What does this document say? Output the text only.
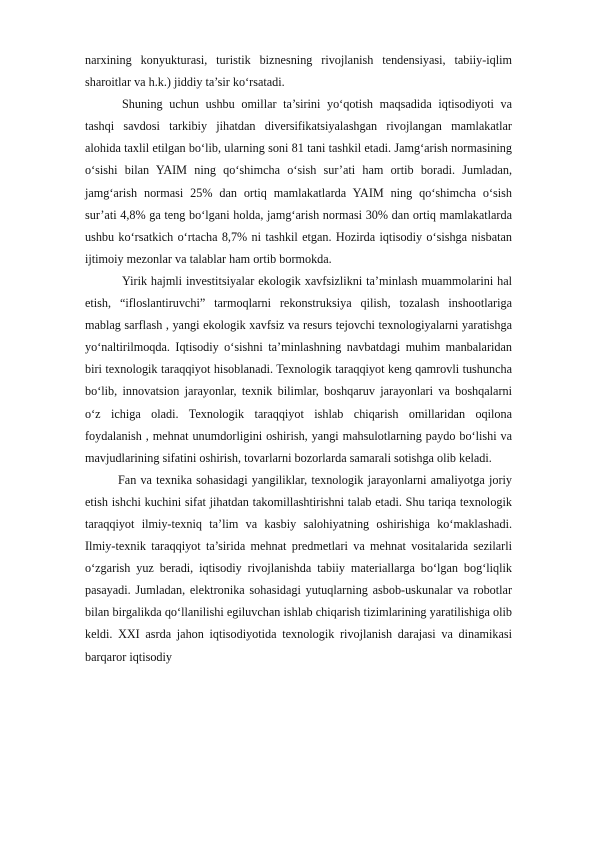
narxining konyukturasi, turistik biznesning rivojlanish tendensiyasi, tabiiy-iqlim sharoitlar va h.k.) jiddiy ta’sir ko‘rsatadi.

Shuning uchun ushbu omillar ta’sirini yo‘qotish maqsadida iqtisodiyoti va tashqi savdosi tarkibiy jihatdan diversifikatsiyalashgan rivojlangan mamlakatlar alohida taxlil etilgan bo‘lib, ularning soni 81 tani tashkil etadi. Jamg‘arish normasining o‘sishi bilan YAIM ning qo‘shimcha o‘sish sur’ati ham ortib boradi. Jumladan, jamg‘arish normasi 25% dan ortiq mamlakatlarda YAIM ning qo‘shimcha o‘sish sur’ati 4,8% ga teng bo‘lgani holda, jamg‘arish normasi 30% dan ortiq mamlakatlarda ushbu ko‘rsatkich o‘rtacha 8,7% ni tashkil etgan. Hozirda iqtisodiy o‘sishga nisbatan ijtimoiy mezonlar va talablar ham ortib bormokda.

Yirik hajmli investitsiyalar ekologik xavfsizlikni ta’minlash muammolarini hal etish, “ifloslantiruvchi” tarmoqlarni rekonstruksiya qilish, tozalash inshootlariga mablag sarflash , yangi ekologik xavfsiz va resurs tejovchi texnologiyalarni yaratishga yo‘naltirilmoqda. Iqtisodiy o‘sishni ta’minlashning navbatdagi muhim manbalaridan biri texnologik taraqqiyot hisoblanadi. Texnologik taraqqiyot keng qamrovli tushuncha bo‘lib, innovatsion jarayonlar, texnik bilimlar, boshqaruv jarayonlari va boshqalarni o‘z ichiga oladi. Texnologik taraqqiyot ishlab chiqarish omillaridan oqilona foydalanish , mehnat unumdorligini oshirish, yangi mahsulotlarning paydo bo‘lishi va mavjudlarining sifatini oshirish, tovarlarni bozorlarda samarali sotishga olib keladi.

Fan va texnika sohasidagi yangiliklar, texnologik jarayonlarni amaliyotga joriy etish ishchi kuchini sifat jihatdan takomillashtirishni talab etadi. Shu tariqa texnologik taraqqiyot ilmiy-texniq ta’lim va kasbiy salohiyatning oshirishiga ko‘maklashadi. Ilmiy-texnik taraqqiyot ta’sirida mehnat predmetlari va mehnat vositalarida sezilarli o‘zgarish yuz beradi, iqtisodiy rivojlanishda tabiiy materiallarga bo‘lgan bog‘liqlik pasayadi. Jumladan, elektronika sohasidagi yutuqlarning asbob-uskunalar va robotlar bilan birgalikda qo‘llanilishi egiluvchan ishlab chiqarish tizimlarining yaratilishiga olib keldi. XXI asrda jahon iqtisodiyotida texnologik rivojlanish darajasi va dinamikasi barqaror iqtisodiy
